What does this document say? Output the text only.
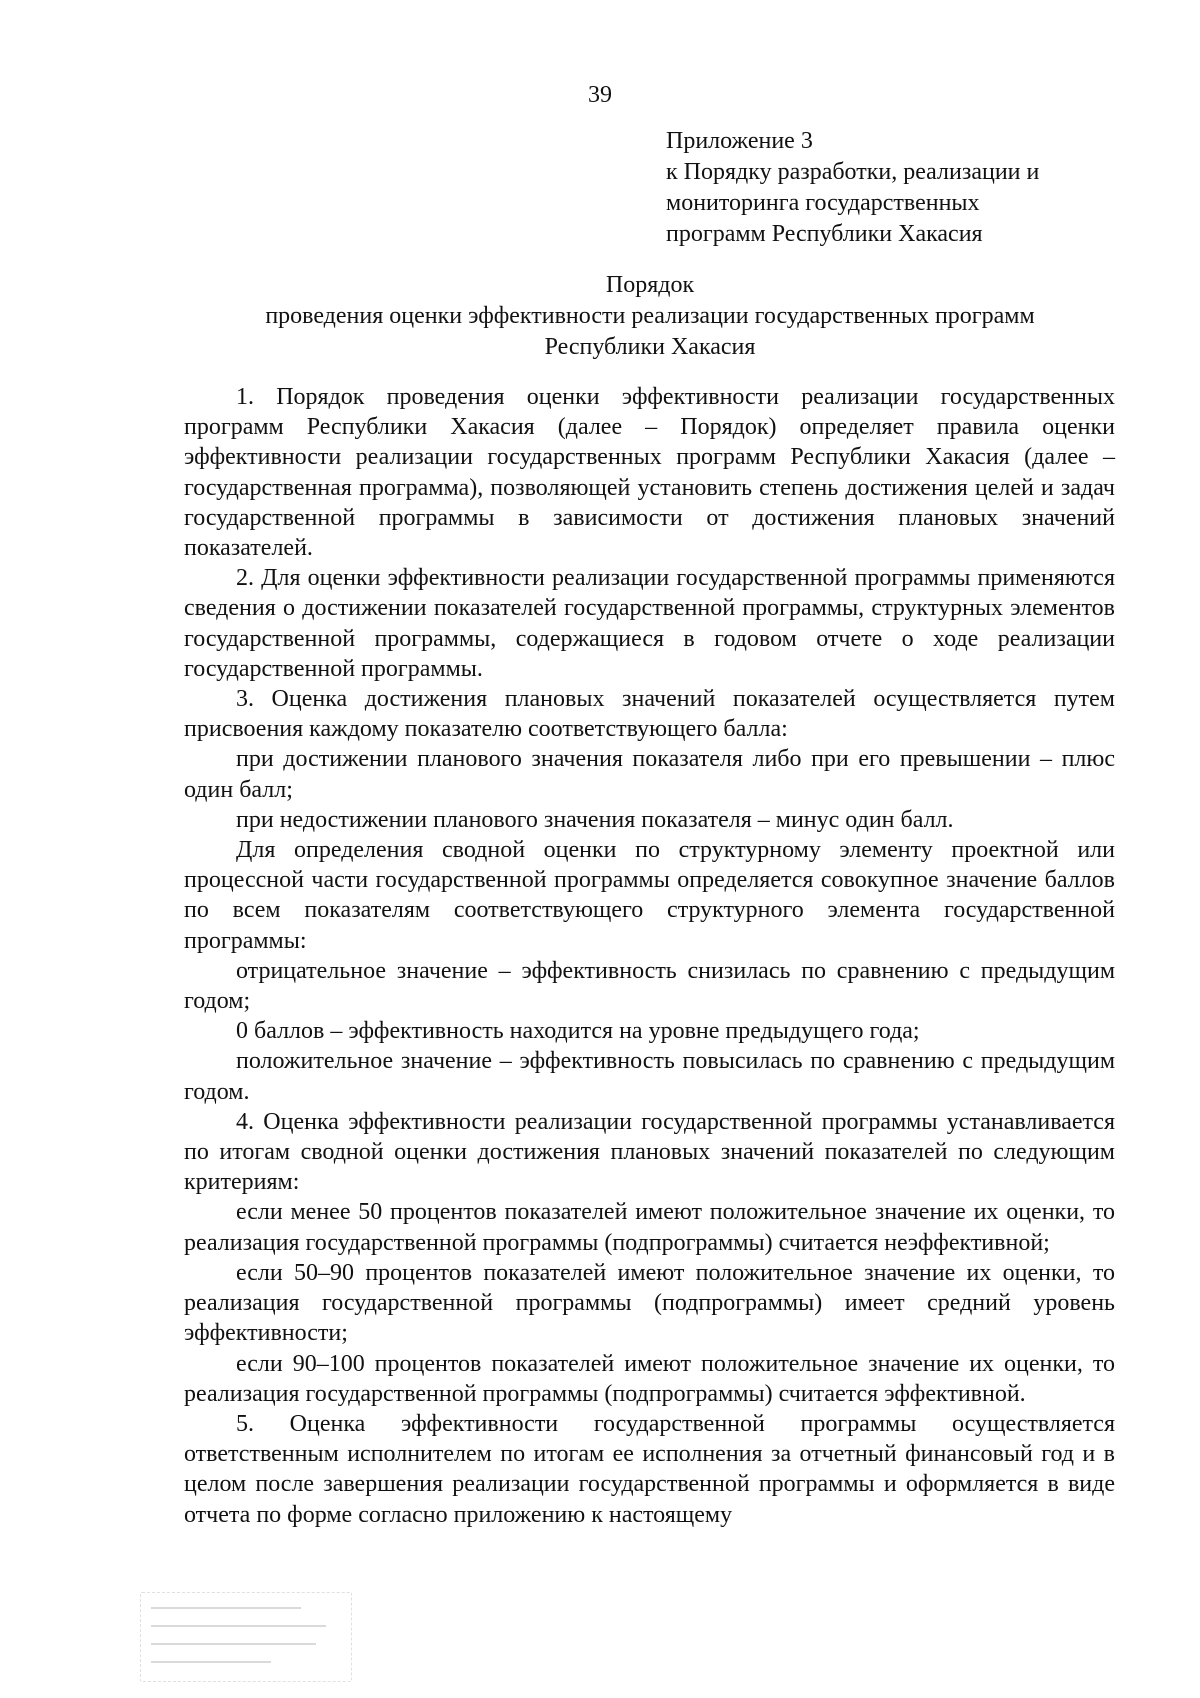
39
Приложение 3
к Порядку разработки, реализации и
мониторинга государственных
программ Республики Хакасия
Порядок
проведения оценки эффективности реализации государственных программ
Республики Хакасия

1. Порядок проведения оценки эффективности реализации государственных программ Республики Хакасия (далее – Порядок) определяет правила оценки эффективности реализации государственных программ Республики Хакасия (далее – государственная программа), позволяющей установить степень достижения целей и задач государственной программы в зависимости от достижения плановых значений показателей.

2. Для оценки эффективности реализации государственной программы применяются сведения о достижении показателей государственной программы, структурных элементов государственной программы, содержащиеся в годовом отчете о ходе реализации государственной программы.

3. Оценка достижения плановых значений показателей осуществляется путем присвоения каждому показателю соответствующего балла:

при достижении планового значения показателя либо при его превышении – плюс один балл;

при недостижении планового значения показателя – минус один балл.

Для определения сводной оценки по структурному элементу проектной или процессной части государственной программы определяется совокупное значение баллов по всем показателям соответствующего структурного элемента государственной программы:

отрицательное значение – эффективность снизилась по сравнению с предыдущим годом;

0 баллов – эффективность находится на уровне предыдущего года;

положительное значение – эффективность повысилась по сравнению с предыдущим годом.

4. Оценка эффективности реализации государственной программы устанавливается по итогам сводной оценки достижения плановых значений показателей по следующим критериям:

если менее 50 процентов показателей имеют положительное значение их оценки, то реализация государственной программы (подпрограммы) считается неэффективной;

если 50–90 процентов показателей имеют положительное значение их оценки, то реализация государственной программы (подпрограммы) имеет средний уровень эффективности;

если 90–100 процентов показателей имеют положительное значение их оценки, то реализация государственной программы (подпрограммы) считается эффективной.

5. Оценка эффективности государственной программы осуществляется ответственным исполнителем по итогам ее исполнения за отчетный финансовый год и в целом после завершения реализации государственной программы и оформляется в виде отчета по форме согласно приложению к настоящему
